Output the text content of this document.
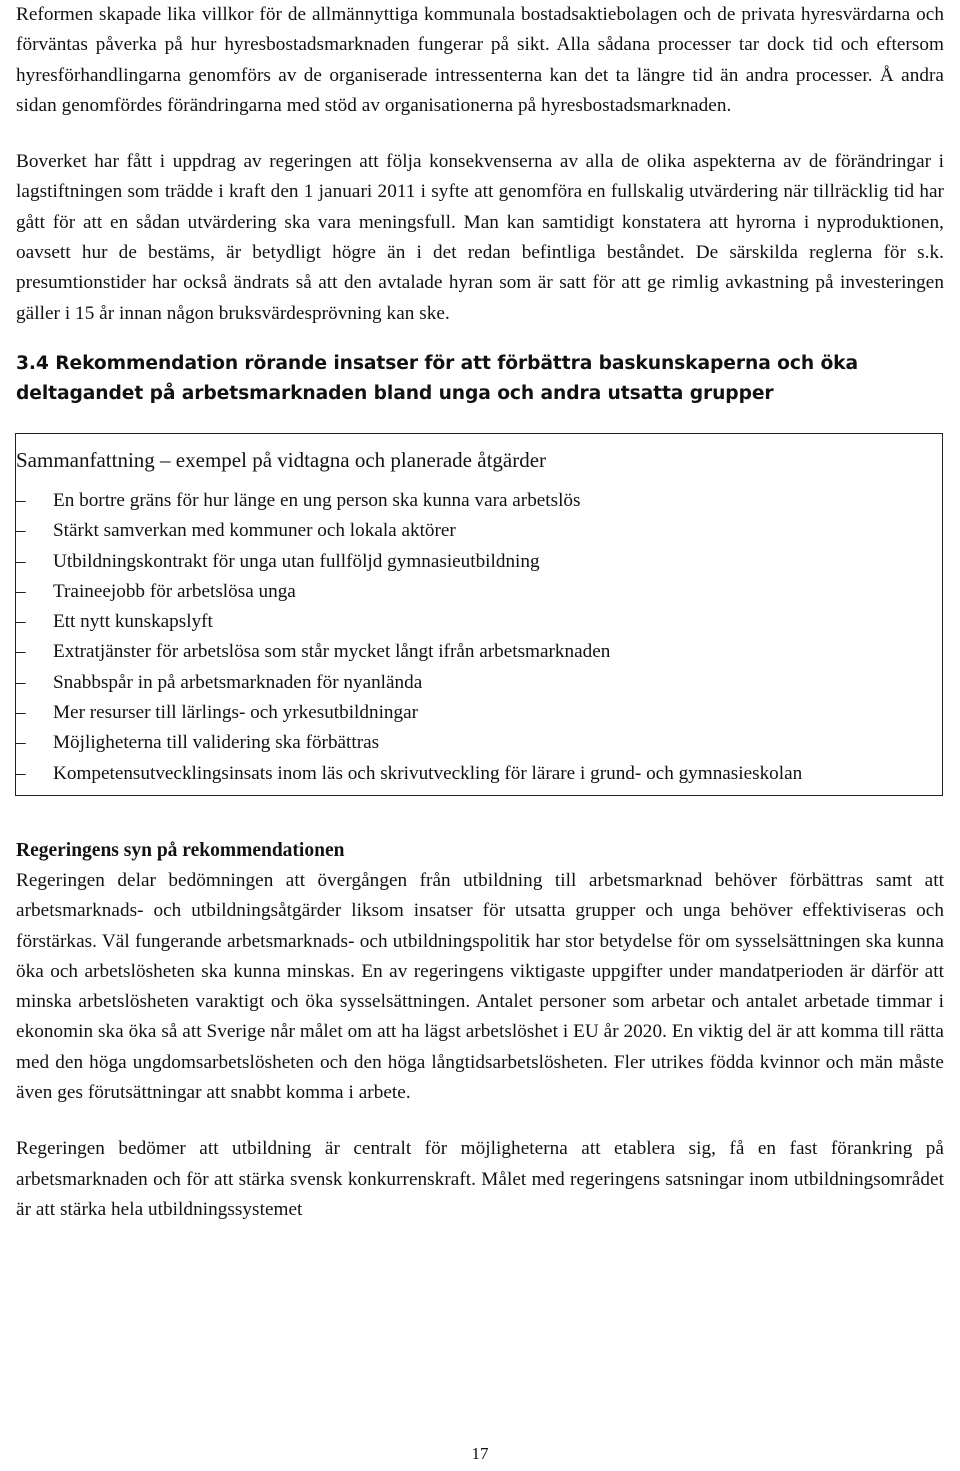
Reformen skapade lika villkor för de allmännyttiga kommunala bostadsaktiebolagen och de privata hyresvärdarna och förväntas påverka på hur hyresbostadsmarknaden fungerar på sikt. Alla sådana processer tar dock tid och eftersom hyresförhandlingarna genomförs av de organiserade intressenterna kan det ta längre tid än andra processer. Å andra sidan genomfördes förändringarna med stöd av organisationerna på hyresbostadsmarknaden.

Boverket har fått i uppdrag av regeringen att följa konsekvenserna av alla de olika aspekterna av de förändringar i lagstiftningen som trädde i kraft den 1 januari 2011 i syfte att genomföra en fullskalig utvärdering när tillräcklig tid har gått för att en sådan utvärdering ska vara meningsfull. Man kan samtidigt konstatera att hyrorna i nyproduktionen, oavsett hur de bestäms, är betydligt högre än i det redan befintliga beståndet. De särskilda reglerna för s.k. presumtionstider har också ändrats så att den avtalade hyran som är satt för att ge rimlig avkastning på investeringen gäller i 15 år innan någon bruksvärdesprövning kan ske.

3.4 Rekommendation rörande insatser för att förbättra baskunskaperna och öka deltagandet på arbetsmarknaden bland unga och andra utsatta grupper
Sammanfattning – exempel på vidtagna och planerade åtgärder
–	En bortre gräns för hur länge en ung person ska kunna vara arbetslös
–	Stärkt samverkan med kommuner och lokala aktörer
–	Utbildningskontrakt för unga utan fullföljd gymnasieutbildning
–	Traineejobb för arbetslösa unga
–	Ett nytt kunskapslyft
–	Extratjänster för arbetslösa som står mycket långt ifrån arbetsmarknaden
–	Snabbspår in på arbetsmarknaden för nyanlända
–	Mer resurser till lärlings- och yrkesutbildningar
–	Möjligheterna till validering ska förbättras
–	Kompetensutvecklingsinsats inom läs och skrivutveckling för lärare i grund- och gymnasieskolan
Regeringens syn på rekommendationen

Regeringen delar bedömningen att övergången från utbildning till arbetsmarknad behöver förbättras samt att arbetsmarknads- och utbildningsåtgärder liksom insatser för utsatta grupper och unga behöver effektiviseras och förstärkas. Väl fungerande arbetsmarknads- och utbildningspolitik har stor betydelse för om sysselsättningen ska kunna öka och arbetslösheten ska kunna minskas. En av regeringens viktigaste uppgifter under mandatperioden är därför att minska arbetslösheten varaktigt och öka sysselsättningen. Antalet personer som arbetar och antalet arbetade timmar i ekonomin ska öka så att Sverige når målet om att ha lägst arbetslöshet i EU år 2020. En viktig del är att komma till rätta med den höga ungdomsarbetslösheten och den höga långtidsarbetslösheten. Fler utrikes födda kvinnor och män måste även ges förutsättningar att snabbt komma i arbete.

Regeringen bedömer att utbildning är centralt för möjligheterna att etablera sig, få en fast förankring på arbetsmarknaden och för att stärka svensk konkurrenskraft. Målet med regeringens satsningar inom utbildningsområdet är att stärka hela utbildningssystemet

17
